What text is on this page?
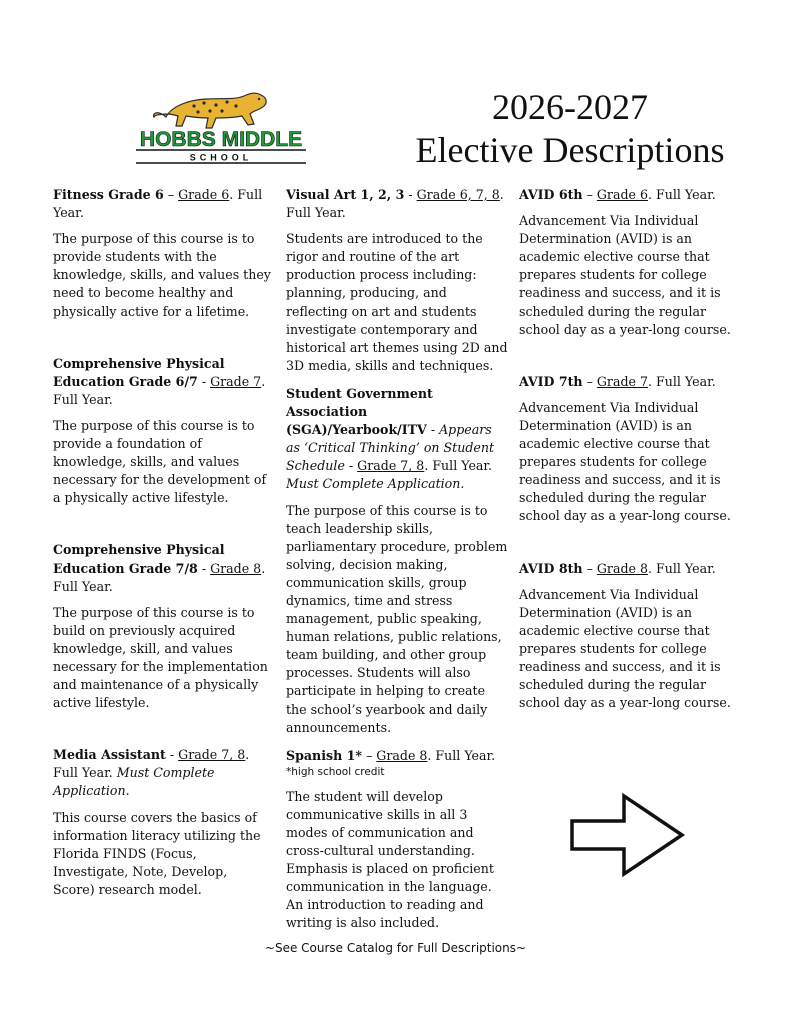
HOBBS MIDDLE
SCHOOL
2026-2027
Elective Descriptions

Fitness Grade 6 – Grade 6. Full Year.

The purpose of this course is to provide students with the knowledge, skills, and values they need to become healthy and physically active for a lifetime.

Comprehensive Physical Education Grade 6/7 - Grade 7. Full Year.

The purpose of this course is to provide a foundation of knowledge, skills, and values necessary for the development of a physically active lifestyle.

Comprehensive Physical Education Grade 7/8 - Grade 8. Full Year.

The purpose of this course is to build on previously acquired knowledge, skill, and values necessary for the implementation and maintenance of a physically active lifestyle.

Media Assistant - Grade 7, 8. Full Year. Must Complete Application.

This course covers the basics of information literacy utilizing the Florida FINDS (Focus, Investigate, Note, Develop, Score) research model.

Visual Art 1, 2, 3 - Grade 6, 7, 8. Full Year.

Students are introduced to the rigor and routine of the art production process including: planning, producing, and reflecting on art and students investigate contemporary and historical art themes using 2D and 3D media, skills and techniques.

Student Government Association (SGA)/Yearbook/ITV - Appears as ‘Critical Thinking’ on Student Schedule - Grade 7, 8. Full Year. Must Complete Application.

The purpose of this course is to teach leadership skills, parliamentary procedure, problem solving, decision making, communication skills, group dynamics, time and stress management, public speaking, human relations, public relations, team building, and other group processes. Students will also participate in helping to create the school’s yearbook and daily announcements.

Spanish 1* – Grade 8. Full Year.

*high school credit

The student will develop communicative skills in all 3 modes of communication and cross-cultural understanding. Emphasis is placed on proficient communication in the language. An introduction to reading and writing is also included.

AVID 6th – Grade 6. Full Year.

Advancement Via Individual Determination (AVID) is an academic elective course that prepares students for college readiness and success, and it is scheduled during the regular school day as a year-long course.

AVID 7th – Grade 7. Full Year.

Advancement Via Individual Determination (AVID) is an academic elective course that prepares students for college readiness and success, and it is scheduled during the regular school day as a year-long course.

AVID 8th – Grade 8. Full Year.

Advancement Via Individual Determination (AVID) is an academic elective course that prepares students for college readiness and success, and it is scheduled during the regular school day as a year-long course.

~See Course Catalog for Full Descriptions~
